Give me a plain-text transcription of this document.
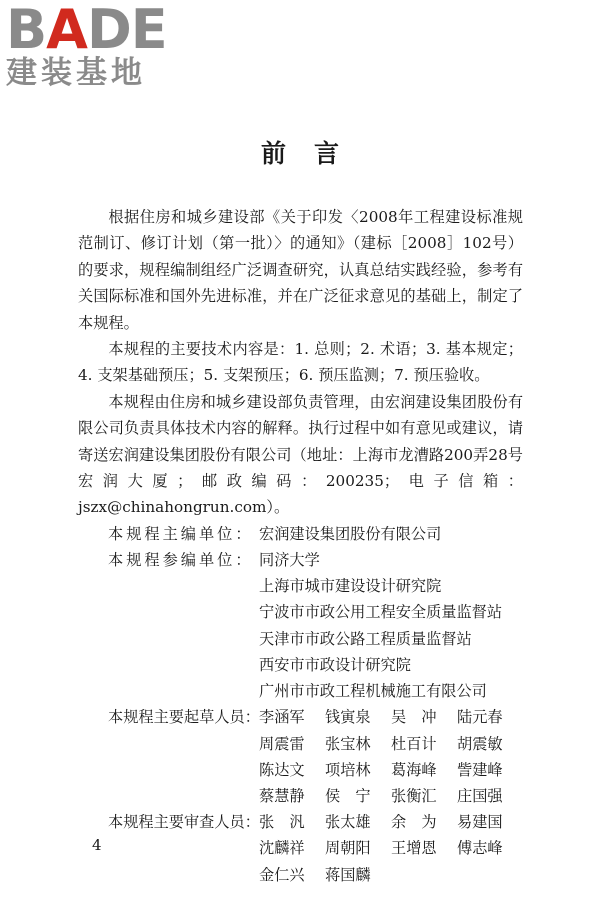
BADE
建装基地
前言

根据住房和城乡建设部《关于印发〈2008年工程建设标准规范制订、修订计划（第一批）〉的通知》（建标［2008］102号）的要求，规程编制组经广泛调查研究，认真总结实践经验，参考有关国际标准和国外先进标准，并在广泛征求意见的基础上，制定了本规程。

本规程的主要技术内容是：1. 总则；2. 术语；3. 基本规定；4. 支架基础预压；5. 支架预压；6. 预压监测；7. 预压验收。

本规程由住房和城乡建设部负责管理，由宏润建设集团股份有限公司负责具体技术内容的解释。执行过程中如有意见或建议，请寄送宏润建设集团股份有限公司（地址：上海市龙漕路200弄28号宏润大厦；邮政编码：200235；电子信箱：jszx@chinahongrun.com）。

本规程主编单位： 宏润建设集团股份有限公司
本规程参编单位： 同济大学
上海市城市建设设计研究院
宁波市市政公用工程安全质量监督站
天津市市政公路工程质量监督站
西安市市政设计研究院
广州市市政工程机械施工有限公司
本规程主要起草人员： 李涵军	钱寅泉	吴　冲	陆元春
周震雷	张宝林	杜百计	胡震敏
陈达文	项培林	葛海峰	訾建峰
蔡慧静	侯　宁	张衡汇	庄国强
本规程主要审查人员： 张　汎	张太雄	余　为	易建国
沈麟祥	周朝阳	王增恩	傅志峰
金仁兴	蒋国麟
4
